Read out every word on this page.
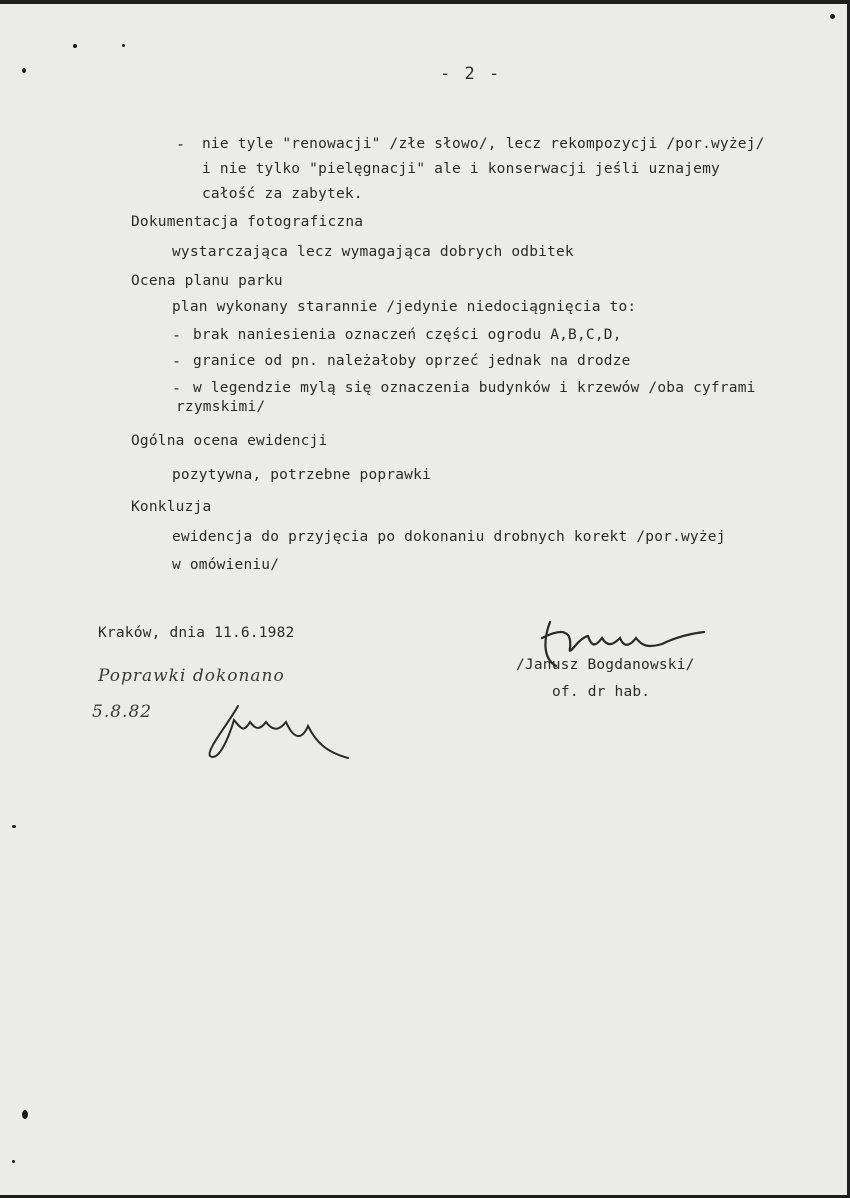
- 2 -
- nie tyle "renowacji" /złe słowo/, lecz rekompozycji /por.wyżej/
i nie tylko "pielęgnacji" ale i konserwacji jeśli uznajemy
całość za zabytek.
Dokumentacja fotograficzna
wystarczająca lecz wymagająca dobrych odbitek
Ocena planu parku
plan wykonany starannie /jedynie niedociągnięcia to:
- brak naniesienia oznaczeń części ogrodu A,B,C,D,
- granice od pn. należałoby oprzeć jednak na drodze
- w legendzie mylą się oznaczenia budynków i krzewów /oba cyframi
rzymskimi/
Ogólna ocena ewidencji
pozytywna, potrzebne poprawki
Konkluzja
ewidencja do przyjęcia po dokonaniu drobnych korekt /por.wyżej
w omówieniu/
Kraków, dnia 11.6.1982
/Janusz Bogdanowski/
of. dr hab.
Poprawki dokonano
5.8.82
